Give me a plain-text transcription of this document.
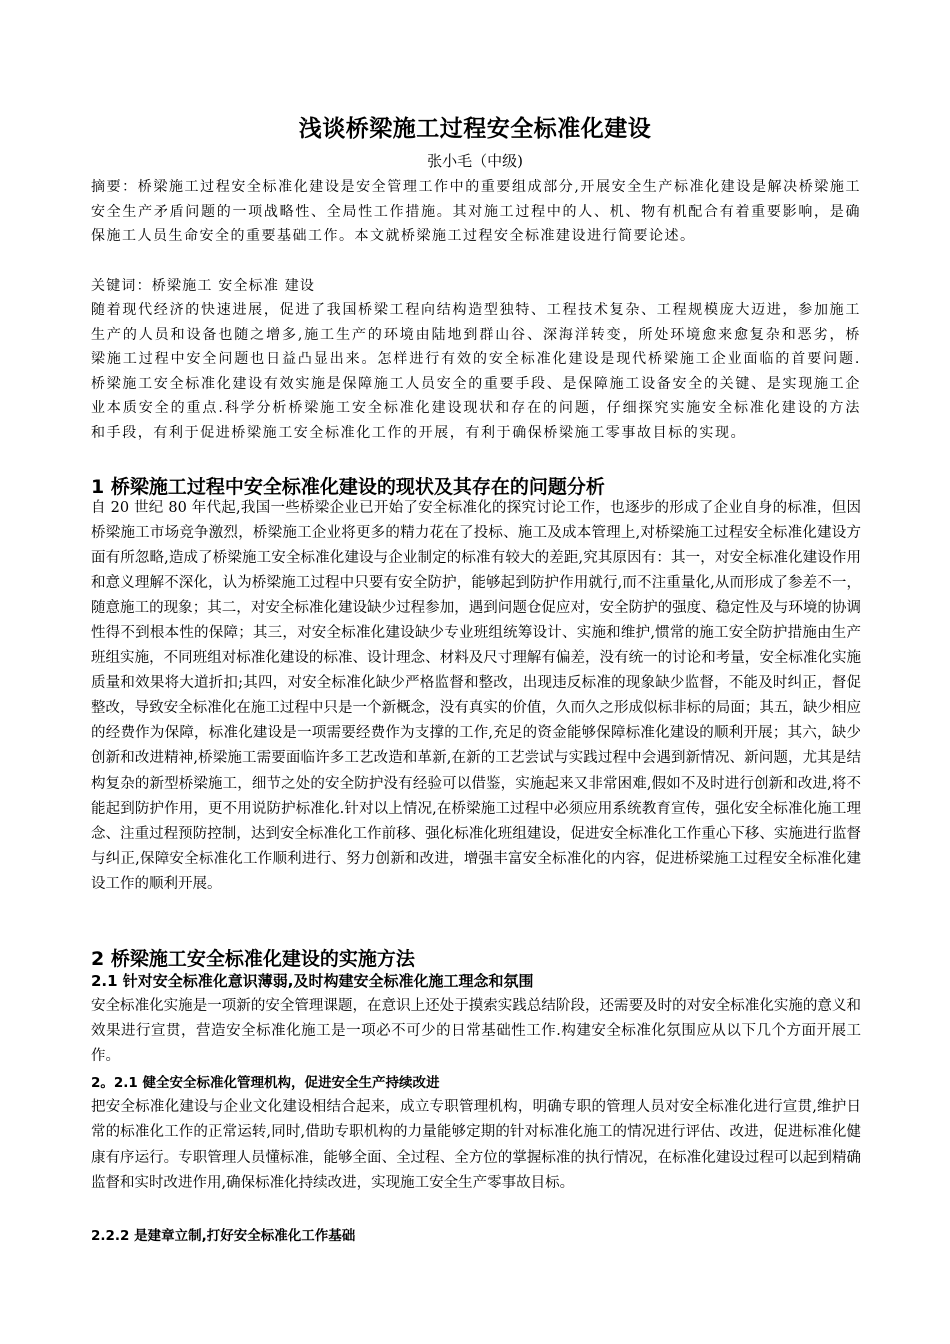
浅谈桥梁施工过程安全标准化建设
张小毛（中级)
摘要：桥梁施工过程安全标准化建设是安全管理工作中的重要组成部分,开展安全生产标准化建设是解决桥梁施工安全生产矛盾问题的一项战略性、全局性工作措施。其对施工过程中的人、机、物有机配合有着重要影响，是确保施工人员生命安全的重要基础工作。本文就桥梁施工过程安全标准建设进行简要论述。
关键词：桥梁施工 安全标准 建设
随着现代经济的快速进展，促进了我国桥梁工程向结构造型独特、工程技术复杂、工程规模庞大迈进，参加施工生产的人员和设备也随之增多,施工生产的环境由陆地到群山谷、深海洋转变，所处环境愈来愈复杂和恶劣，桥梁施工过程中安全问题也日益凸显出来。怎样进行有效的安全标准化建设是现代桥梁施工企业面临的首要问题.桥梁施工安全标准化建设有效实施是保障施工人员安全的重要手段、是保障施工设备安全的关键、是实现施工企业本质安全的重点.科学分析桥梁施工安全标准化建设现状和存在的问题，仔细探究实施安全标准化建设的方法和手段，有利于促进桥梁施工安全标准化工作的开展，有利于确保桥梁施工零事故目标的实现。
1 桥梁施工过程中安全标准化建设的现状及其存在的问题分析
自 20 世纪 80 年代起,我国一些桥梁企业已开始了安全标准化的探究讨论工作，也逐步的形成了企业自身的标准，但因桥梁施工市场竞争激烈，桥梁施工企业将更多的精力花在了投标、施工及成本管理上,对桥梁施工过程安全标准化建设方面有所忽略,造成了桥梁施工安全标准化建设与企业制定的标准有较大的差距,究其原因有：其一，对安全标准化建设作用和意义理解不深化，认为桥梁施工过程中只要有安全防护，能够起到防护作用就行,而不注重量化,从而形成了参差不一，随意施工的现象；其二，对安全标准化建设缺少过程参加，遇到问题仓促应对，安全防护的强度、稳定性及与环境的协调性得不到根本性的保障；其三，对安全标准化建设缺少专业班组统筹设计、实施和维护,惯常的施工安全防护措施由生产班组实施，不同班组对标准化建设的标准、设计理念、材料及尺寸理解有偏差，没有统一的讨论和考量，安全标准化实施质量和效果将大道折扣;其四，对安全标准化缺少严格监督和整改，出现违反标准的现象缺少监督，不能及时纠正，督促整改，导致安全标准化在施工过程中只是一个新概念，没有真实的价值，久而久之形成似标非标的局面；其五，缺少相应的经费作为保障，标准化建设是一项需要经费作为支撑的工作,充足的资金能够保障标准化建设的顺利开展；其六，缺少创新和改进精神,桥梁施工需要面临许多工艺改造和革新,在新的工艺尝试与实践过程中会遇到新情况、新问题，尤其是结构复杂的新型桥梁施工，细节之处的安全防护没有经验可以借鉴，实施起来又非常困难,假如不及时进行创新和改进,将不能起到防护作用，更不用说防护标准化.针对以上情况,在桥梁施工过程中必须应用系统教育宣传，强化安全标准化施工理念、注重过程预防控制，达到安全标准化工作前移、强化标准化班组建设，促进安全标准化工作重心下移、实施进行监督与纠正,保障安全标准化工作顺利进行、努力创新和改进，增强丰富安全标准化的内容，促进桥梁施工过程安全标准化建设工作的顺利开展。
2 桥梁施工安全标准化建设的实施方法
2.1 针对安全标准化意识薄弱,及时构建安全标准化施工理念和氛围
安全标准化实施是一项新的安全管理课题，在意识上还处于摸索实践总结阶段，还需要及时的对安全标准化实施的意义和效果进行宣贯，营造安全标准化施工是一项必不可少的日常基础性工作.构建安全标准化氛围应从以下几个方面开展工作。
2。2.1 健全安全标准化管理机构，促进安全生产持续改进
把安全标准化建设与企业文化建设相结合起来，成立专职管理机构，明确专职的管理人员对安全标准化进行宣贯,维护日常的标准化工作的正常运转,同时,借助专职机构的力量能够定期的针对标准化施工的情况进行评估、改进，促进标准化健康有序运行。专职管理人员懂标准，能够全面、全过程、全方位的掌握标准的执行情况，在标准化建设过程可以起到精确监督和实时改进作用,确保标准化持续改进，实现施工安全生产零事故目标。
2.2.2 是建章立制,打好安全标准化工作基础
